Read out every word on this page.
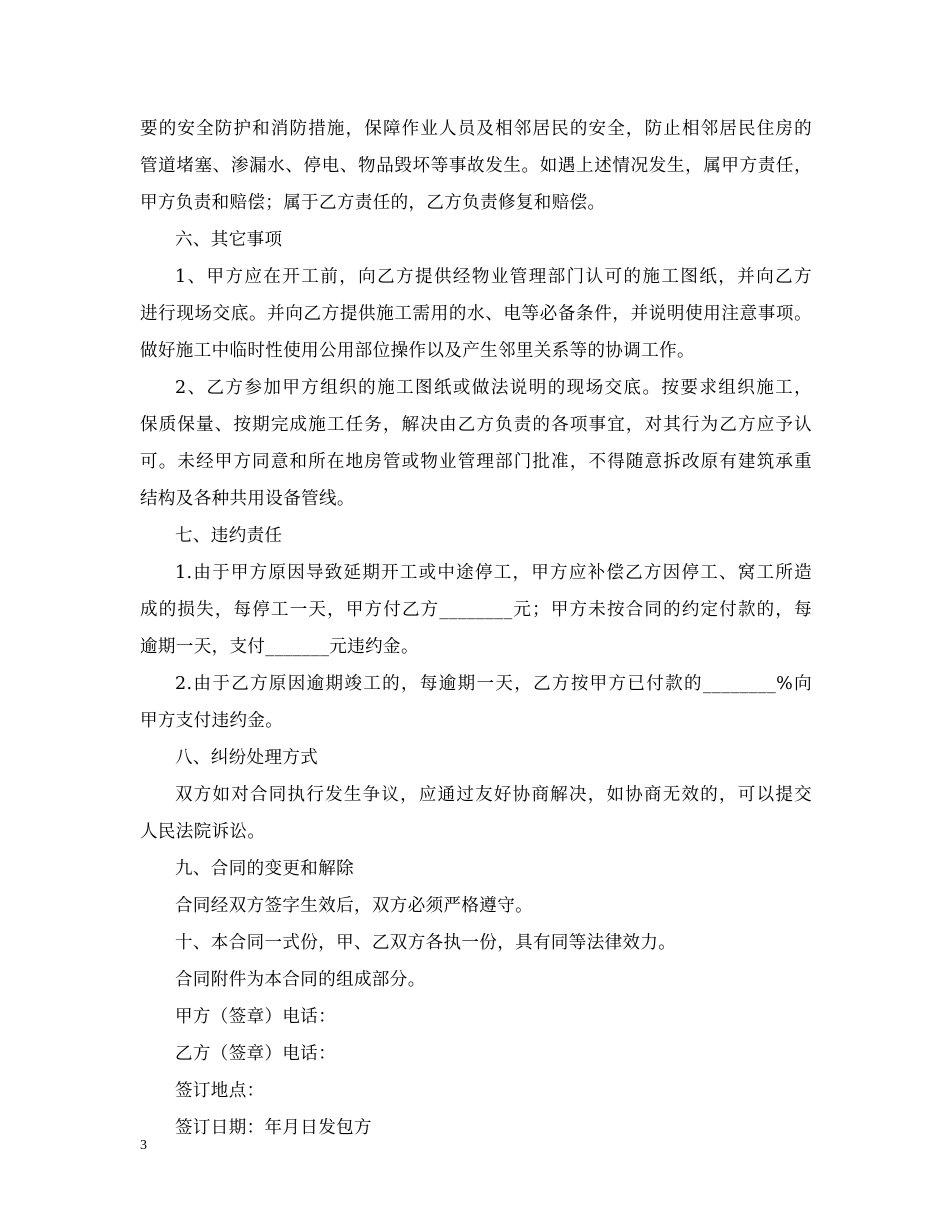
要的安全防护和消防措施，保障作业人员及相邻居民的安全，防止相邻居民住房的
管道堵塞、渗漏水、停电、物品毁坏等事故发生。如遇上述情况发生，属甲方责任，
甲方负责和赔偿；属于乙方责任的，乙方负责修复和赔偿。
六、其它事项
1、甲方应在开工前，向乙方提供经物业管理部门认可的施工图纸，并向乙方
进行现场交底。并向乙方提供施工需用的水、电等必备条件，并说明使用注意事项。
做好施工中临时性使用公用部位操作以及产生邻里关系等的协调工作。
2、乙方参加甲方组织的施工图纸或做法说明的现场交底。按要求组织施工，
保质保量、按期完成施工任务，解决由乙方负责的各项事宜，对其行为乙方应予认
可。未经甲方同意和所在地房管或物业管理部门批准，不得随意拆改原有建筑承重
结构及各种共用设备管线。
七、违约责任
1.由于甲方原因导致延期开工或中途停工，甲方应补偿乙方因停工、窝工所造
成的损失，每停工一天，甲方付乙方________元；甲方未按合同的约定付款的，每
逾期一天，支付_______元违约金。
2.由于乙方原因逾期竣工的，每逾期一天，乙方按甲方已付款的________%向
甲方支付违约金。
八、纠纷处理方式
双方如对合同执行发生争议，应通过友好协商解决，如协商无效的，可以提交
人民法院诉讼。
九、合同的变更和解除
合同经双方签字生效后，双方必须严格遵守。
十、本合同一式份，甲、乙双方各执一份，具有同等法律效力。
合同附件为本合同的组成部分。
甲方（签章）电话：
乙方（签章）电话：
签订地点：
签订日期：年月日发包方
3
